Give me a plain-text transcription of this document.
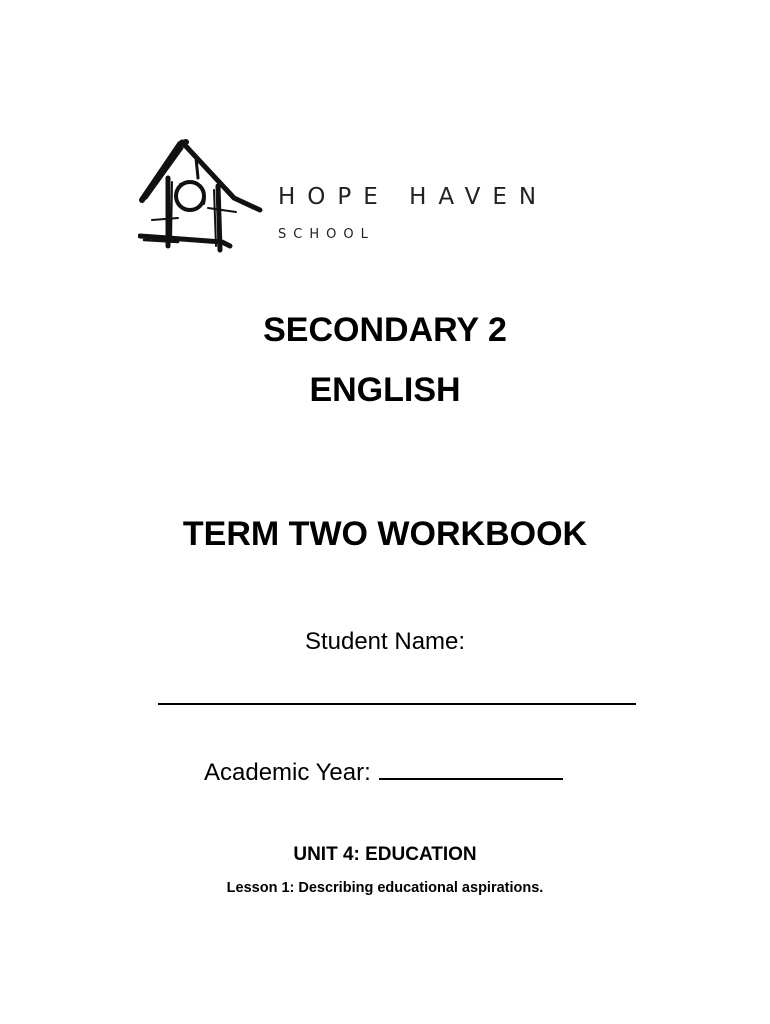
HOPE HAVEN
SCHOOL
SECONDARY 2
ENGLISH
TERM TWO WORKBOOK
Student Name:
Academic Year:
UNIT 4: EDUCATION
Lesson 1: Describing educational aspirations.
